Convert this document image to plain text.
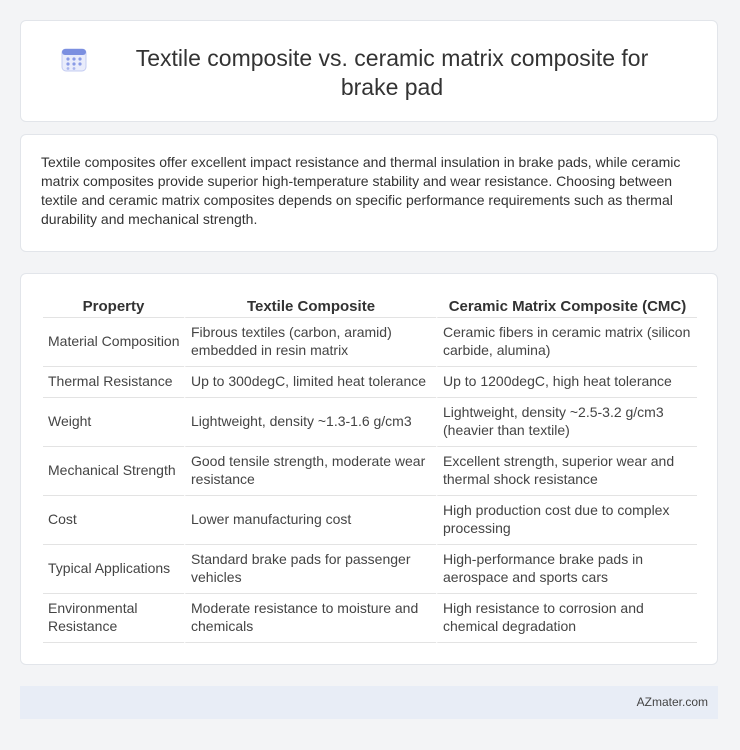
Textile composite vs. ceramic matrix composite for brake pad

Textile composites offer excellent impact resistance and thermal insulation in brake pads, while ceramic matrix composites provide superior high-temperature stability and wear resistance. Choosing between textile and ceramic matrix composites depends on specific performance requirements such as thermal durability and mechanical strength.

Property	Textile Composite	Ceramic Matrix Composite (CMC)
Material Composition	Fibrous textiles (carbon, aramid) embedded in resin matrix	Ceramic fibers in ceramic matrix (silicon carbide, alumina)
Thermal Resistance	Up to 300degC, limited heat tolerance	Up to 1200degC, high heat tolerance
Weight	Lightweight, density ~1.3-1.6 g/cm3	Lightweight, density ~2.5-3.2 g/cm3 (heavier than textile)
Mechanical Strength	Good tensile strength, moderate wear resistance	Excellent strength, superior wear and thermal shock resistance
Cost	Lower manufacturing cost	High production cost due to complex processing
Typical Applications	Standard brake pads for passenger vehicles	High-performance brake pads in aerospace and sports cars
Environmental Resistance	Moderate resistance to moisture and chemicals	High resistance to corrosion and chemical degradation
AZmater.com
